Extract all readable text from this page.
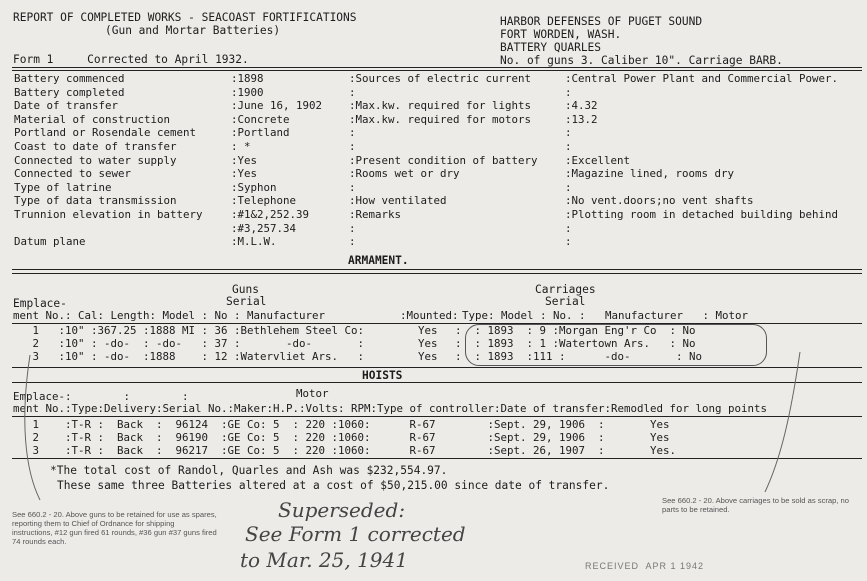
REPORT OF COMPLETED WORKS - SEACOAST FORTIFICATIONS
(Gun and Mortar Batteries)
Form 1     Corrected to April 1932.
HARBOR DEFENSES OF PUGET SOUND
FORT WORDEN, WASH.
BATTERY QUARLES
No. of guns 3. Caliber 10". Carriage BARB.
Battery commenced	:1898	:Sources of electric current	:Central Power Plant and Commercial Power.
Battery completed	:1900	:	:
Date of transfer	:June 16, 1902 :Max.kw. required for lights	:4.32
Material of construction	:Concrete	:Max.kw. required for motors	:13.2
Portland or Rosendale cement	:Portland	:	:
Coast to date of transfer	: *	:	:
Connected to water supply	:Yes	:Present condition of battery	:Excellent
Connected to sewer	:Yes	:Rooms wet or dry	:Magazine lined, rooms dry
Type of latrine	:Syphon	:	:
Type of data transmission	:Telephone	:How ventilated	:No vent.doors;no vent shafts
Trunnion elevation in battery	:#1&2,252.39	:Remarks	:Plotting room in detached building behind
:#3,257.34	:	:
Datum plane	:M.L.W.	:	:
ARMAMENT.
Guns
Serial
Carriages
Serial
Emplace-
ment No.: Cal: Length: Model : No : Manufacturer	:Mounted: Type: Model : No. :   Manufacturer   : Motor
1   :10" :367.25 :1888 MI : 36 :Bethlehem Steel Co:	Yes :  : 1893  : 9 :Morgan Eng'r Co  : No
2   :10" : -do-  : -do-   : 37 :       -do-       :	Yes :  : 1893  : 1 :Watertown Ars.   : No
3   :10" : -do-  :1888    : 12 :Watervliet Ars.   :	Yes :  : 1893  :111 :      -do-       : No
HOISTS
Motor
Emplace-:        :        :
ment No.:Type:Delivery:Serial No.:Maker:H.P.:Volts: RPM:Type of controller:Date of transfer:Remodled for long points
1    :T-R :  Back  :  96124  :GE Co: 5  : 220 :1060:      R-67        :Sept. 29, 1906  :       Yes
2    :T-R :  Back  :  96190  :GE Co: 5  : 220 :1060:      R-67        :Sept. 29, 1906  :       Yes
3    :T-R :  Back  :  96217  :GE Co: 5  : 220 :1060:      R-67        :Sept. 26, 1907  :       Yes.
*The total cost of Randol, Quarles and Ash was $232,554.97.
These same three Batteries altered at a cost of $50,215.00 since date of transfer.
See 660.2 - 20. Above guns to be retained for use as spares, reporting them to Chief of Ordnance for shipping instructions, #12 gun fired 61 rounds, #36 gun #37 guns fired 74 rounds each.
See 660.2 - 20. Above carriages to be sold as scrap, no parts to be retained.
Superseded:
See Form 1 corrected
to Mar. 25, 1941	RECEIVED  APR 1 1942
